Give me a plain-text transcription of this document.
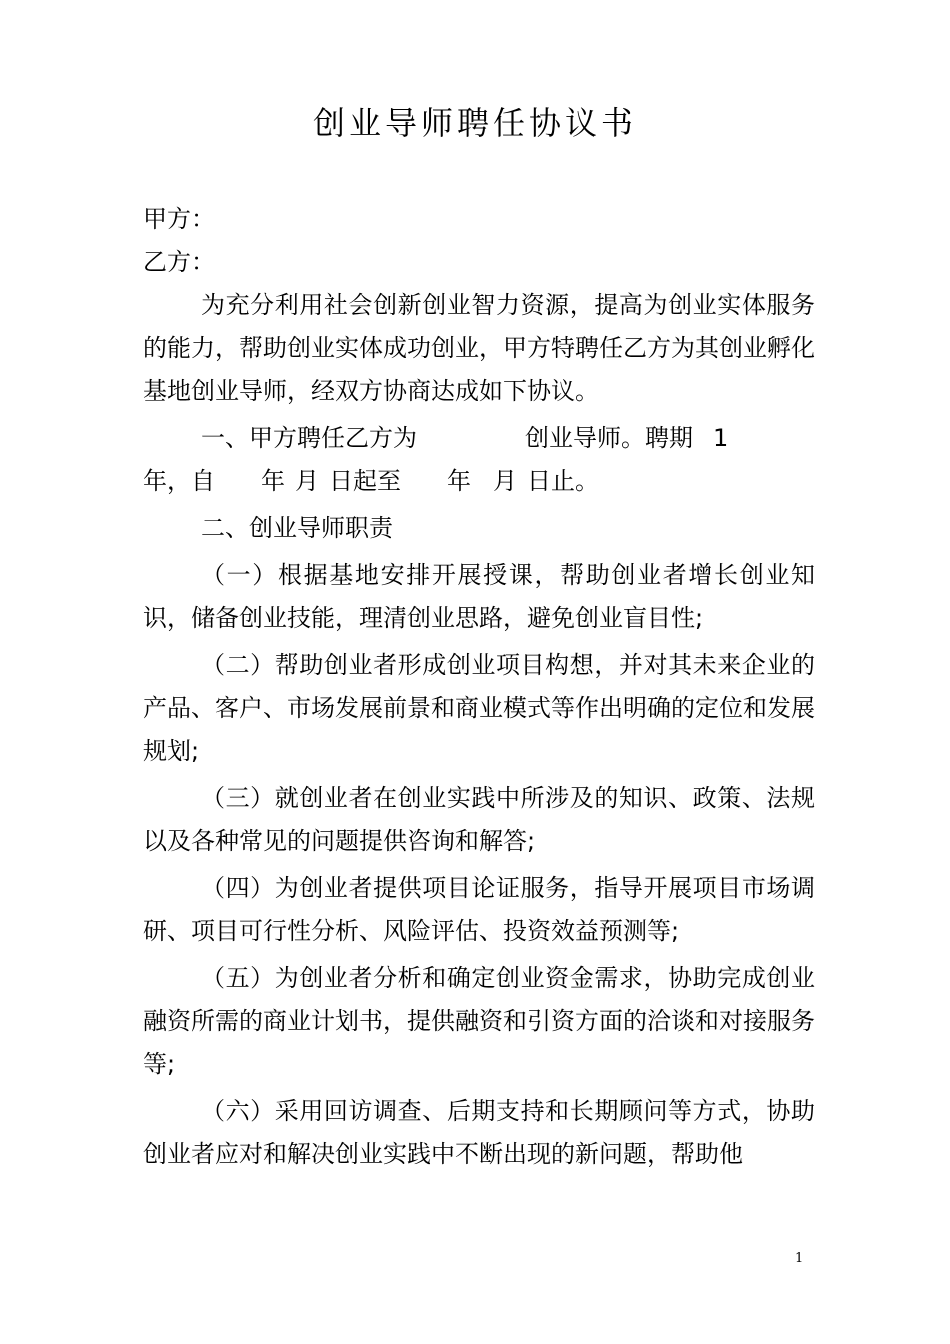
创业导师聘任协议书
甲方：
乙方：

为充分利用社会创新创业智力资源，提高为创业实体服务的能力，帮助创业实体成功创业，甲方特聘任乙方为其创业孵化基地创业导师，经双方协商达成如下协议。

一、甲方聘任乙方为	创业导师。聘期 1
年，自 年 月 日起至 年 月 日止。
二、创业导师职责

（一）根据基地安排开展授课，帮助创业者增长创业知识，储备创业技能，理清创业思路，避免创业盲目性;

（二）帮助创业者形成创业项目构想，并对其未来企业的产品、客户、市场发展前景和商业模式等作出明确的定位和发展规划;

（三）就创业者在创业实践中所涉及的知识、政策、法规以及各种常见的问题提供咨询和解答;

（四）为创业者提供项目论证服务，指导开展项目市场调研、项目可行性分析、风险评估、投资效益预测等;

（五）为创业者分析和确定创业资金需求，协助完成创业融资所需的商业计划书，提供融资和引资方面的洽谈和对接服务等;

（六）采用回访调查、后期支持和长期顾问等方式，协助创业者应对和解决创业实践中不断出现的新问题，帮助他

1
